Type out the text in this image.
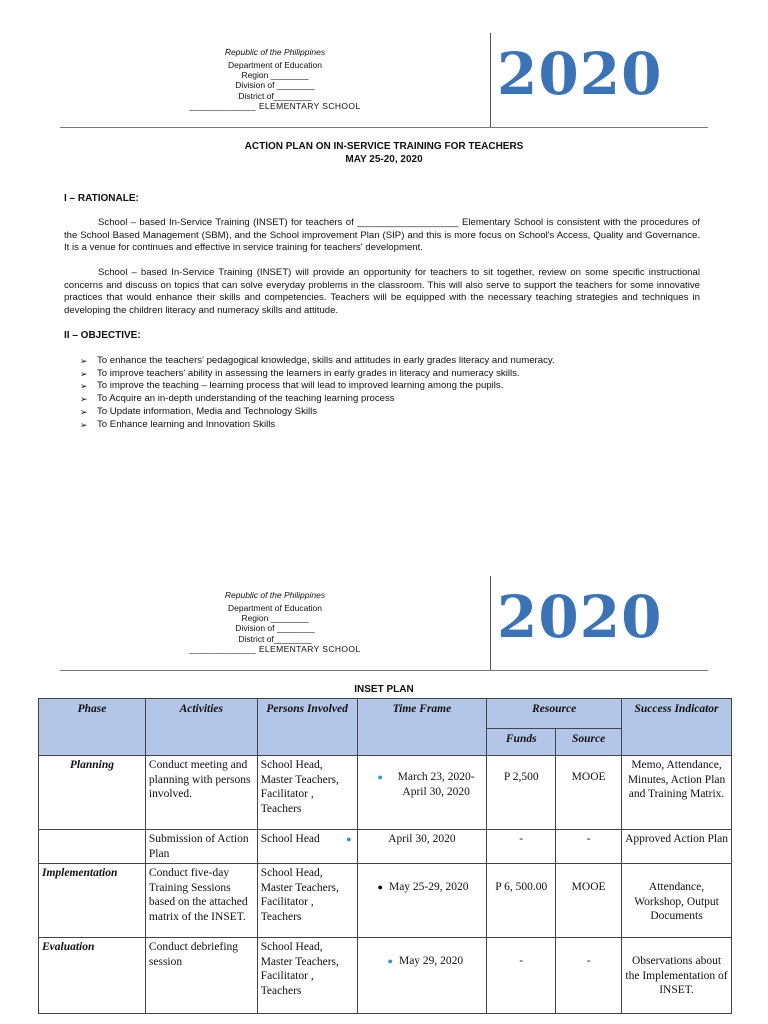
Republic of the Philippines
Department of Education
Region ________
Division of ________
District of________
_____________ ELEMENTARY SCHOOL	2020
ACTION PLAN ON IN-SERVICE TRAINING FOR TEACHERS
MAY 25-20, 2020
I – RATIONALE:
School – based In-Service Training (INSET) for teachers of ___________________ Elementary School is consistent with the procedures of the School Based Management (SBM), and the School improvement Plan (SIP) and this is more focus on School's Access, Quality and Governance. It is a venue for continues and effective in service training for teachers' development.
School – based In-Service Training (INSET) will provide an opportunity for teachers to sit together, review on some specific instructional concerns and discuss on topics that can solve everyday problems in the classroom. This will also serve to support the teachers for some innovative practices that would enhance their skills and competencies. Teachers will be equipped with the necessary teaching strategies and techniques in developing the children literacy and numeracy skills and attitude.
II – OBJECTIVE:
➢ To enhance the teachers' pedagogical knowledge, skills and attitudes in early grades literacy and numeracy.
➢ To improve teachers' ability in assessing the learners in early grades in literacy and numeracy skills.
➢ To improve the teaching – learning process that will lead to improved learning among the pupils.
➢ To Acquire an in-depth understanding of the teaching learning process
➢ To Update information, Media and Technology Skills
➢ To Enhance learning and Innovation Skills
Republic of the Philippines
Department of Education
Region ________
Division of ________
District of________
_____________ ELEMENTARY SCHOOL	2020
INSET PLAN
Phase	Activities	Persons Involved	Time Frame	Resource		Success Indicator
				Funds	Source	
Planning	Conduct meeting and planning with persons involved.	School Head, Master Teachers, Facilitator , Teachers	● March 23, 2020- April 30, 2020	P 2,500	MOOE	Memo, Attendance, Minutes, Action Plan and Training Matrix.
	Submission of Action Plan	School Head ●	April 30, 2020	-	-	Approved Action Plan
Implementation	Conduct five-day Training Sessions based on the attached matrix of the INSET.	School Head, Master Teachers, Facilitator , Teachers	● May 25-29, 2020	P 6, 500.00	MOOE	Attendance, Workshop, Output Documents
Evaluation	Conduct debriefing session	School Head, Master Teachers, Facilitator , Teachers	● May 29, 2020	-	-	Observations about the Implementation of INSET.
